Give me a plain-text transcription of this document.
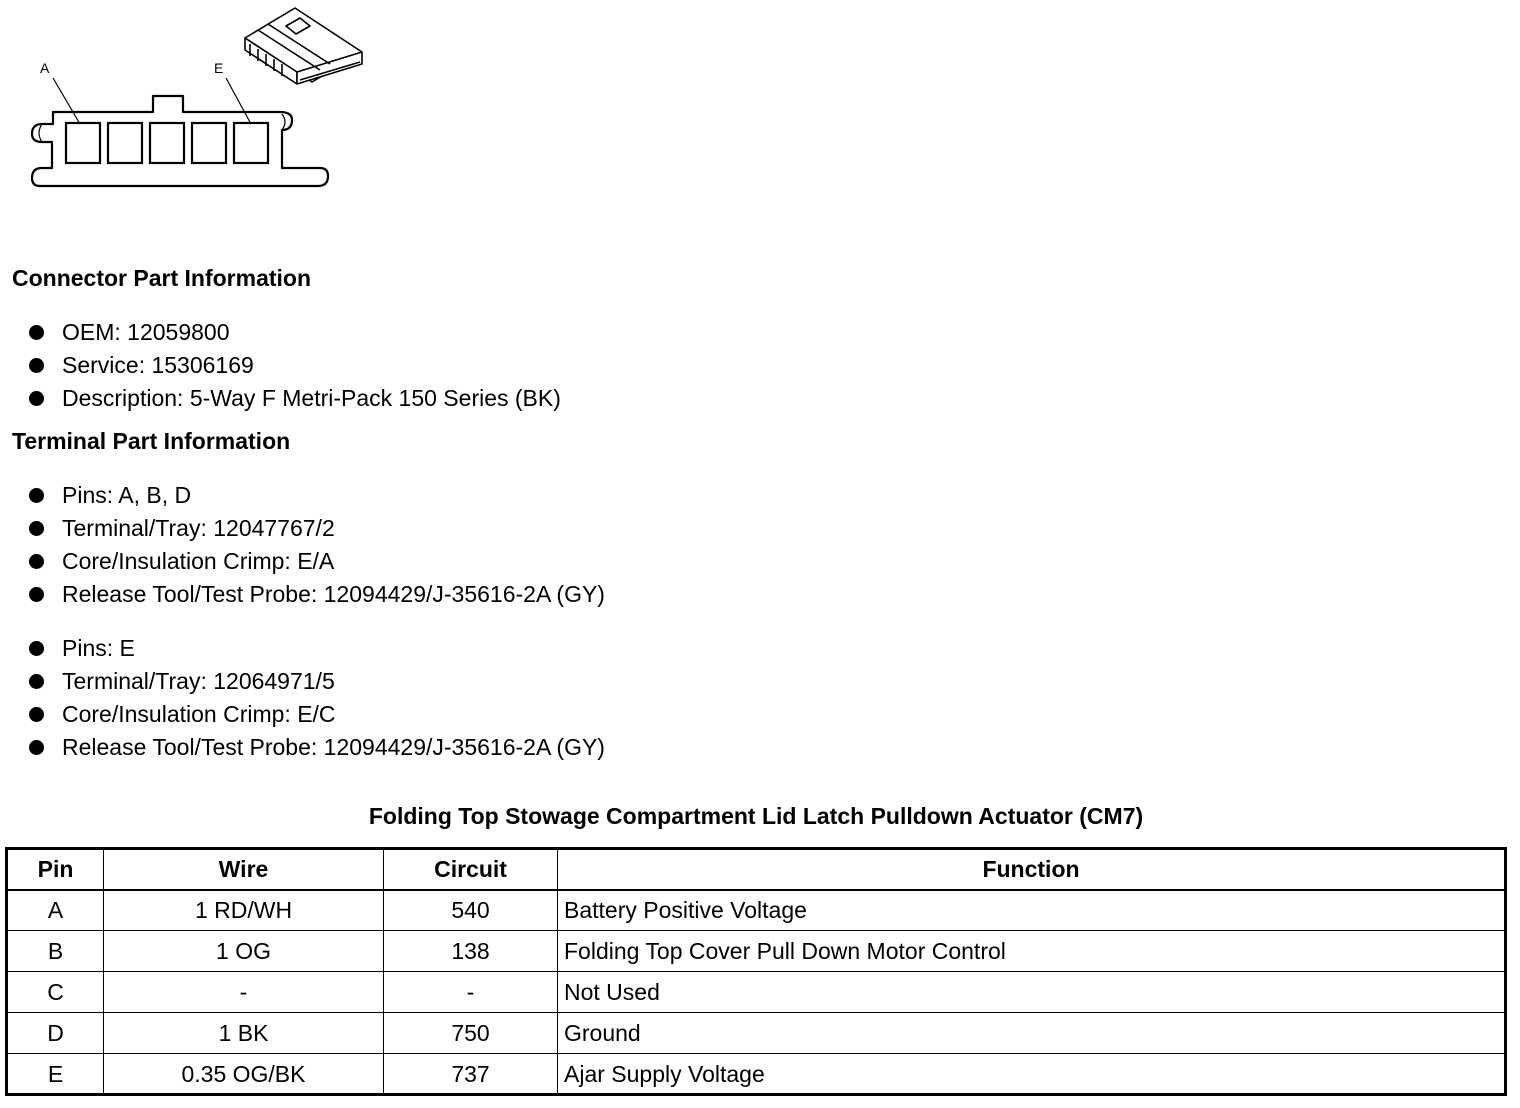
A	E
Connector Part Information
OEM: 12059800
Service: 15306169
Description: 5-Way F Metri-Pack 150 Series (BK)
Terminal Part Information
Pins: A, B, D
Terminal/Tray: 12047767/2
Core/Insulation Crimp: E/A
Release Tool/Test Probe: 12094429/J-35616-2A (GY)
Pins: E
Terminal/Tray: 12064971/5
Core/Insulation Crimp: E/C
Release Tool/Test Probe: 12094429/J-35616-2A (GY)
Folding Top Stowage Compartment Lid Latch Pulldown Actuator (CM7)
Pin	Wire	Circuit	Function
A	1 RD/WH	540	Battery Positive Voltage
B	1 OG	138	Folding Top Cover Pull Down Motor Control
C	-	-	Not Used
D	1 BK	750	Ground
E	0.35 OG/BK	737	Ajar Supply Voltage
